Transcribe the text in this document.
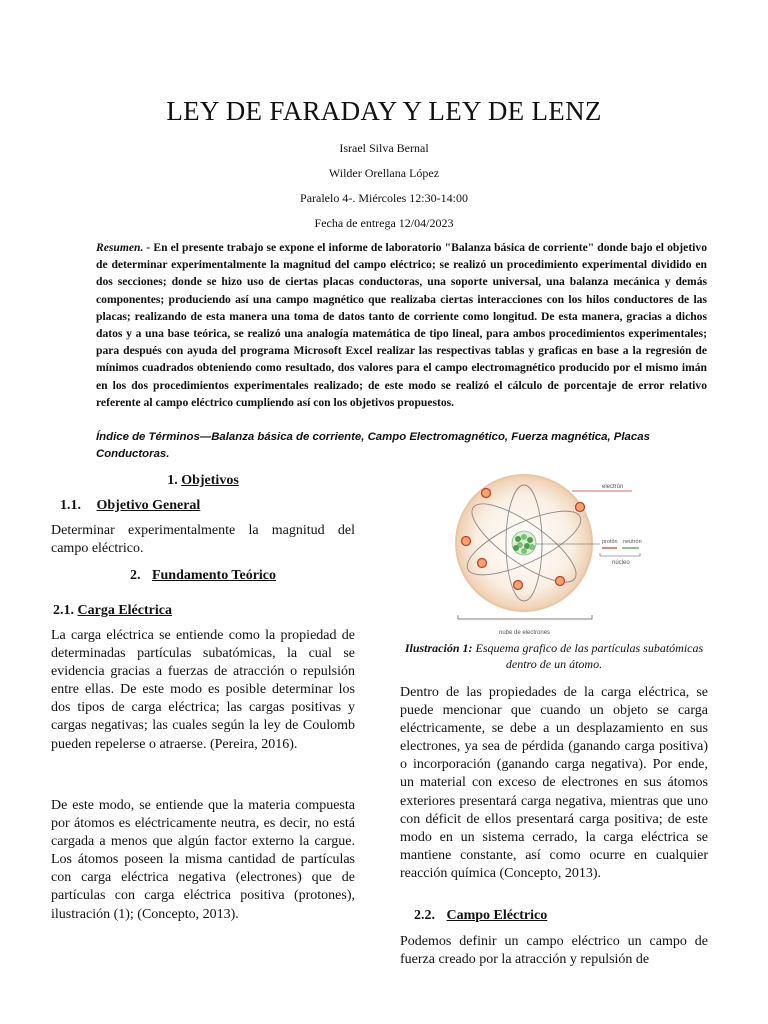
LEY DE FARADAY Y LEY DE LENZ
Israel Silva Bernal
Wilder Orellana López
Paralelo 4-. Miércoles 12:30-14:00
Fecha de entrega 12/04/2023
Resumen. - En el presente trabajo se expone el informe de laboratorio "Balanza básica de corriente" donde bajo el objetivo de determinar experimentalmente la magnitud del campo eléctrico; se realizó un procedimiento experimental dividido en dos secciones; donde se hizo uso de ciertas placas conductoras, una soporte universal, una balanza mecánica y demás componentes; produciendo así una campo magnético que realizaba ciertas interacciones con los hilos conductores de las placas; realizando de esta manera una toma de datos tanto de corriente como longitud. De esta manera, gracias a dichos datos y a una base teórica, se realizó una analogía matemática de tipo lineal, para ambos procedimientos experimentales; para después con ayuda del programa Microsoft Excel realizar las respectivas tablas y graficas en base a la regresión de mínimos cuadrados obteniendo como resultado, dos valores para el campo electromagnético producido por el mismo imán en los dos procedimientos experimentales realizado; de este modo se realizó el cálculo de porcentaje de error relativo referente al campo eléctrico cumpliendo así con los objetivos propuestos.
Índice de Términos—Balanza básica de corriente, Campo Electromagnético, Fuerza magnética, Placas Conductoras.
1. Objetivos
1.1. Objetivo General
Determinar experimentalmente la magnitud del campo eléctrico.
2. Fundamento Teórico
2.1. Carga Eléctrica
La carga eléctrica se entiende como la propiedad de determinadas partículas subatómicas, la cual se evidencia gracias a fuerzas de atracción o repulsión entre ellas. De este modo es posible determinar los dos tipos de carga eléctrica; las cargas positivas y cargas negativas; las cuales según la ley de Coulomb pueden repelerse o atraerse. (Pereira, 2016).
De este modo, se entiende que la materia compuesta por átomos es eléctricamente neutra, es decir, no está cargada a menos que algún factor externo la cargue. Los átomos poseen la misma cantidad de partículas con carga eléctrica negativa (electrones) que de partículas con carga eléctrica positiva (protones), ilustración (1); (Concepto, 2013).
electrón
protón neutrón
núcleo
nube de electrones
Ilustración 1: Esquema grafico de las partículas subatómicas dentro de un átomo.
Dentro de las propiedades de la carga eléctrica, se puede mencionar que cuando un objeto se carga eléctricamente, se debe a un desplazamiento en sus electrones, ya sea de pérdida (ganando carga positiva) o incorporación (ganando carga negativa). Por ende, un material con exceso de electrones en sus átomos exteriores presentará carga negativa, mientras que uno con déficit de ellos presentará carga positiva; de este modo en un sistema cerrado, la carga eléctrica se mantiene constante, así como ocurre en cualquier reacción química (Concepto, 2013).
2.2. Campo Eléctrico
Podemos definir un campo eléctrico un campo de fuerza creado por la atracción y repulsión de
